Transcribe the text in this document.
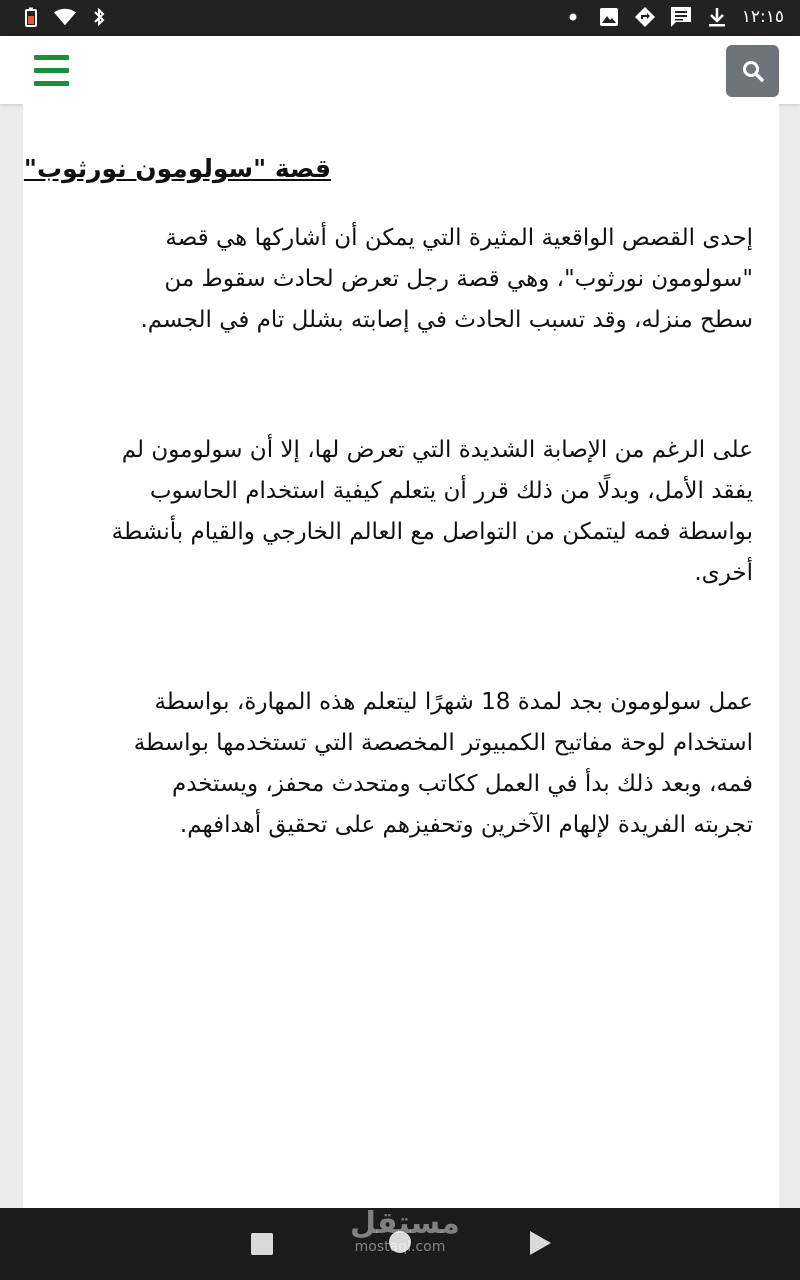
١٢:١٥
قصة "سولومون نورثوب"

إحدى القصص الواقعية المثيرة التي يمكن أن أشاركها هي قصة
"سولومون نورثوب"، وهي قصة رجل تعرض لحادث سقوط من
سطح منزله، وقد تسبب الحادث في إصابته بشلل تام في الجسم.

على الرغم من الإصابة الشديدة التي تعرض لها، إلا أن سولومون لم
يفقد الأمل، وبدلًا من ذلك قرر أن يتعلم كيفية استخدام الحاسوب
بواسطة فمه ليتمكن من التواصل مع العالم الخارجي والقيام بأنشطة
أخرى.

عمل سولومون بجد لمدة 18 شهرًا ليتعلم هذه المهارة، بواسطة
استخدام لوحة مفاتيح الكمبيوتر المخصصة التي تستخدمها بواسطة
فمه، وبعد ذلك بدأ في العمل ككاتب ومتحدث محفز، ويستخدم
تجربته الفريدة لإلهام الآخرين وتحفيزهم على تحقيق أهدافهم.

مستقل
mostaql.com
